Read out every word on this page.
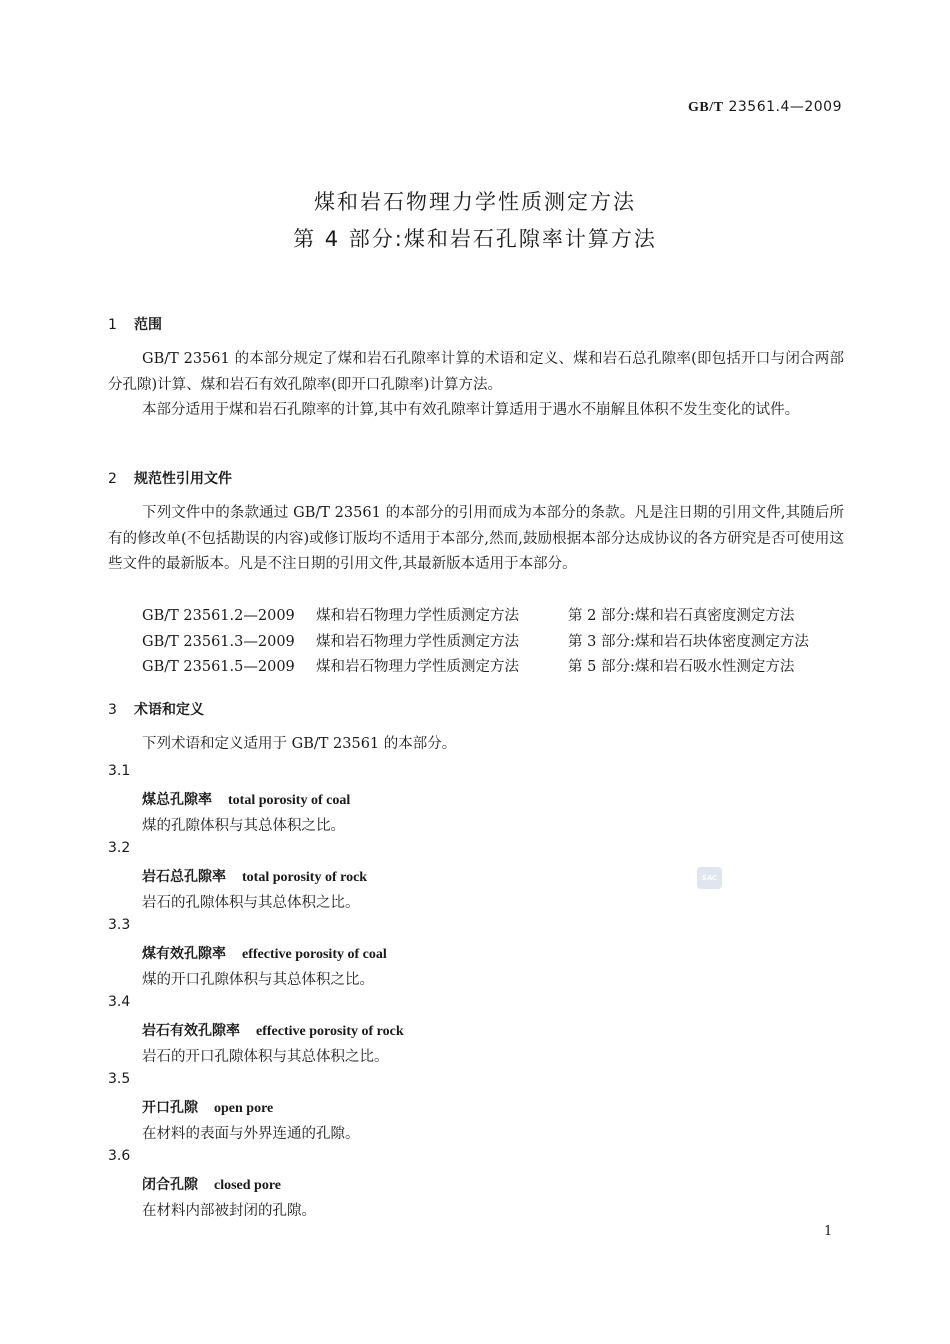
GB/T 23561.4—2009
煤和岩石物理力学性质测定方法
第 4 部分:煤和岩石孔隙率计算方法
1 范围
GB/T 23561 的本部分规定了煤和岩石孔隙率计算的术语和定义、煤和岩石总孔隙率(即包括开口与闭合两部分孔隙)计算、煤和岩石有效孔隙率(即开口孔隙率)计算方法。
本部分适用于煤和岩石孔隙率的计算,其中有效孔隙率计算适用于遇水不崩解且体积不发生变化的试件。
2 规范性引用文件
下列文件中的条款通过 GB/T 23561 的本部分的引用而成为本部分的条款。凡是注日期的引用文件,其随后所有的修改单(不包括勘误的内容)或修订版均不适用于本部分,然而,鼓励根据本部分达成协议的各方研究是否可使用这些文件的最新版本。凡是不注日期的引用文件,其最新版本适用于本部分。
GB/T 23561.2—2009 煤和岩石物理力学性质测定方法	第 2 部分:煤和岩石真密度测定方法
GB/T 23561.3—2009 煤和岩石物理力学性质测定方法	第 3 部分:煤和岩石块体密度测定方法
GB/T 23561.5—2009 煤和岩石物理力学性质测定方法	第 5 部分:煤和岩石吸水性测定方法
3 术语和定义
下列术语和定义适用于 GB/T 23561 的本部分。
3.1
煤总孔隙率 total porosity of coal
煤的孔隙体积与其总体积之比。
3.2
岩石总孔隙率 total porosity of rock
岩石的孔隙体积与其总体积之比。
3.3
煤有效孔隙率 effective porosity of coal
煤的开口孔隙体积与其总体积之比。
3.4
岩石有效孔隙率 effective porosity of rock
岩石的开口孔隙体积与其总体积之比。
3.5
开口孔隙 open pore
在材料的表面与外界连通的孔隙。
3.6
闭合孔隙 closed pore
在材料内部被封闭的孔隙。
SAC
1
